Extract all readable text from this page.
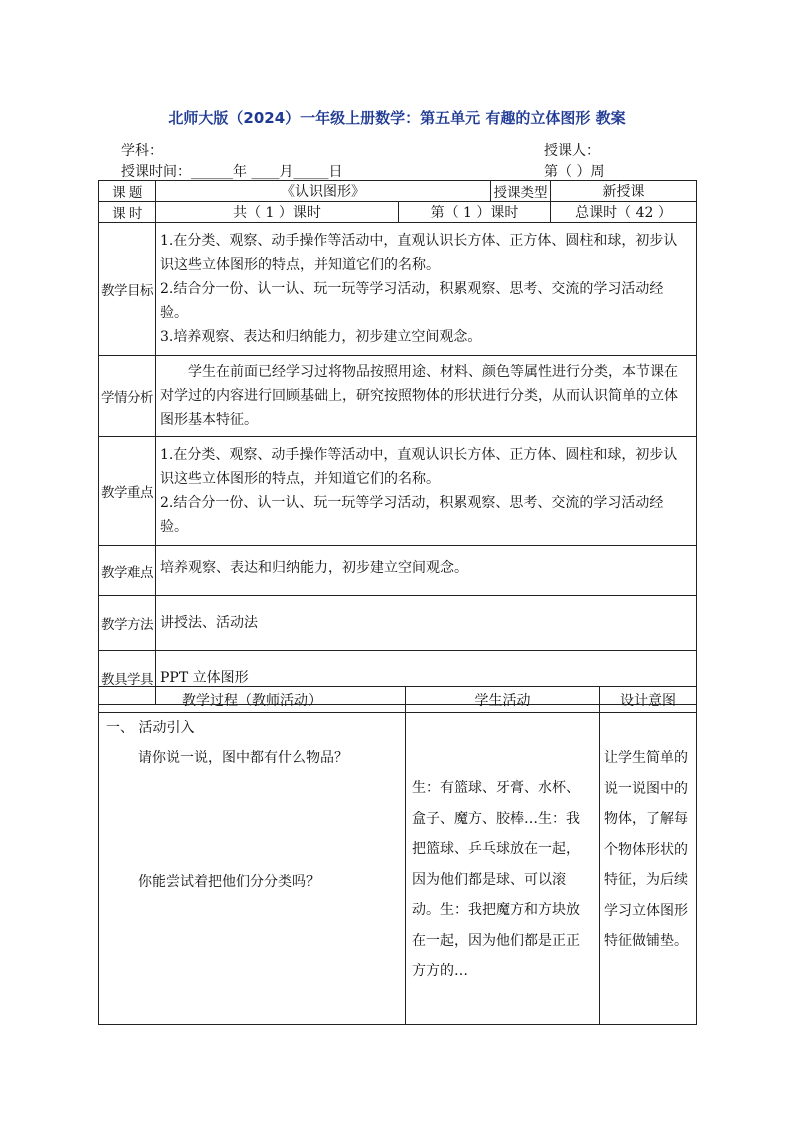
北师大版（2024）一年级上册数学：第五单元 有趣的立体图形 教案
学科：	授课人：
授课时间：______年 ____月_____日	第（ ）周
课 题	《认识图形》		授课类型	新授课
课 时	共（ 1 ）课时	第（ 1 ）课时		总课时（ 42 ）
教学目标	1.在分类、观察、动手操作等活动中，直观认识长方体、正方体、圆柱和球，初步认识这些立体图形的特点，并知道它们的名称。
2.结合分一份、认一认、玩一玩等学习活动，积累观察、思考、交流的学习活动经验。
3.培养观察、表达和归纳能力，初步建立空间观念。			

学情分析	学生在前面已经学习过将物品按照用途、材料、颜色等属性进行分类，本节课在对学过的内容进行回顾基础上，研究按照物体的形状进行分类，从而认识简单的立体图形基本特征。			
教学重点	1.在分类、观察、动手操作等活动中，直观认识长方体、正方体、圆柱和球，初步认识这些立体图形的特点，并知道它们的名称。
2.结合分一份、认一认、玩一玩等学习活动，积累观察、思考、交流的学习活动经验。			

教学难点	培养观察、表达和归纳能力，初步建立空间观念。			
教学方法	讲授法、活动法			
教具学具	PPT 立体图形			
教学过程（教师活动）	学生活动	设计意图

一、 活动引入
请你说一说，图中都有什么物品？
你能尝试着把他们分分类吗？	生：有篮球、牙膏、水杯、盒子、魔方、胶棒…生：我把篮球、乒乓球放在一起，因为他们都是球、可以滚动。生：我把魔方和方块放在一起，因为他们都是正正方方的…	让学生简单的说一说图中的物体，了解每个物体形状的特征，为后续学习立体图形特征做铺垫。
